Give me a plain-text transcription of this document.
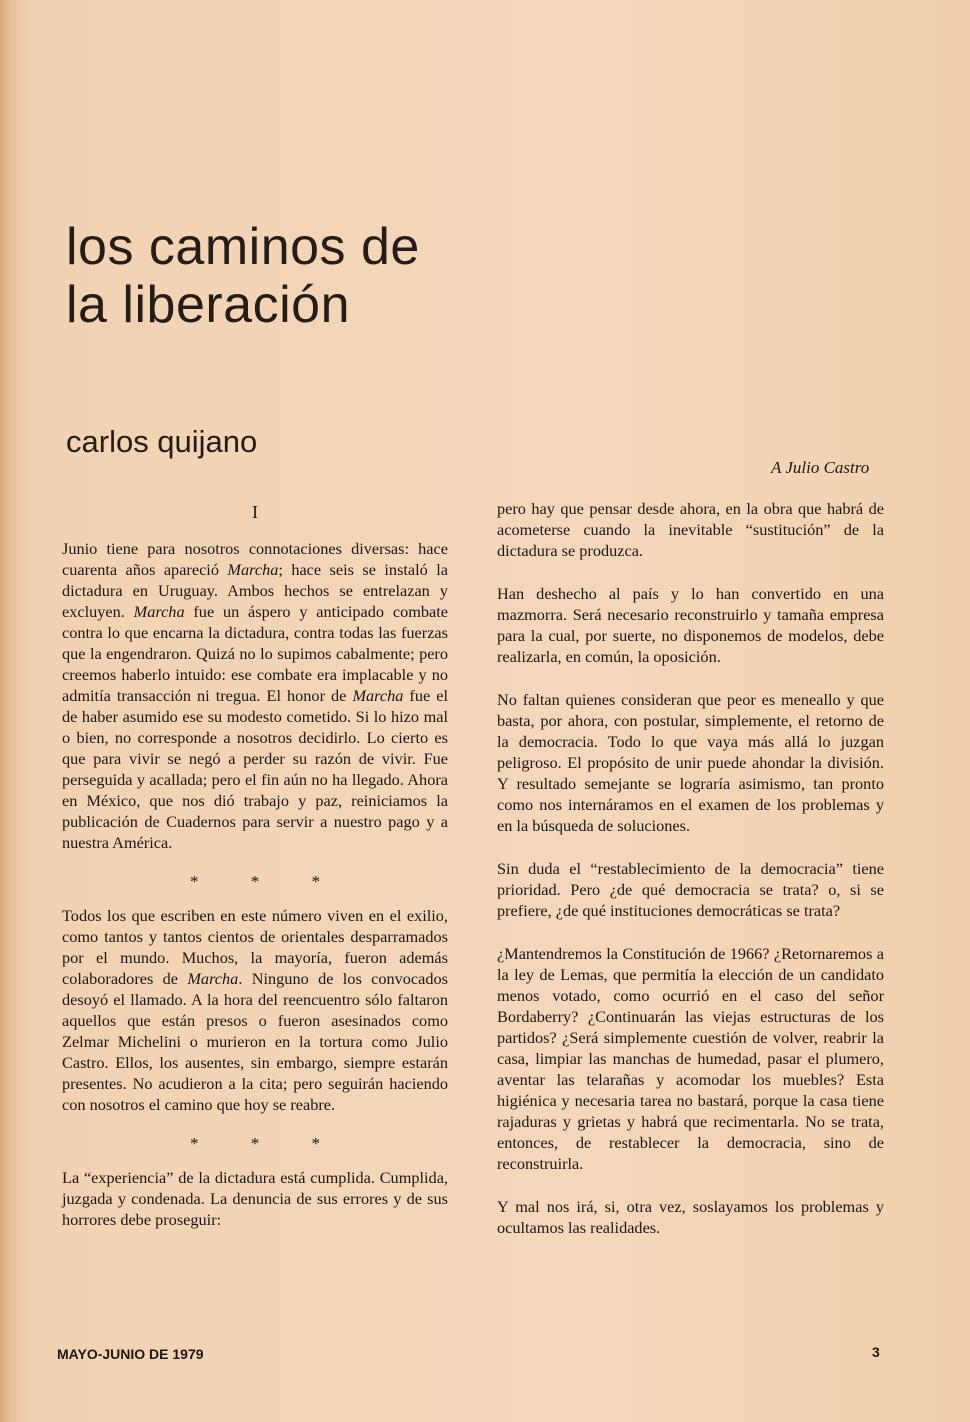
los caminos de
la liberación
carlos quijano
A Julio Castro
I

Junio tiene para nosotros connotaciones diversas: hace cuarenta años apareció Marcha; hace seis se instaló la dictadura en Uruguay. Ambos hechos se entrelazan y excluyen. Marcha fue un áspero y anticipado combate contra lo que encarna la dictadura, contra todas las fuerzas que la engendraron. Quizá no lo supimos cabalmente; pero creemos haberlo intuido: ese combate era implacable y no admitía transacción ni tregua. El honor de Marcha fue el de haber asumido ese su modesto cometido. Si lo hizo mal o bien, no corresponde a nosotros decidirlo. Lo cierto es que para vivir se negó a perder su razón de vivir. Fue perseguida y acallada; pero el fin aún no ha llegado. Ahora en México, que nos dió trabajo y paz, reiniciamos la publicación de Cuadernos para servir a nuestro pago y a nuestra América.

* * *

Todos los que escriben en este número viven en el exilio, como tantos y tantos cientos de orientales desparramados por el mundo. Muchos, la mayoría, fueron además colaboradores de Marcha. Ninguno de los convocados desoyó el llamado. A la hora del reencuentro sólo faltaron aquellos que están presos o fueron asesinados como Zelmar Michelini o murieron en la tortura como Julio Castro. Ellos, los ausentes, sin embargo, siempre estarán presentes. No acudieron a la cita; pero seguirán haciendo con nosotros el camino que hoy se reabre.

* * *

La “experiencia” de la dictadura está cumplida. Cumplida, juzgada y condenada. La denuncia de sus errores y de sus horrores debe proseguir:

pero hay que pensar desde ahora, en la obra que habrá de acometerse cuando la inevitable “sustitución” de la dictadura se produzca.

Han deshecho al país y lo han convertido en una mazmorra. Será necesario reconstruirlo y tamaña empresa para la cual, por suerte, no disponemos de modelos, debe realizarla, en común, la oposición.

No faltan quienes consideran que peor es meneallo y que basta, por ahora, con postular, simplemente, el retorno de la democracia. Todo lo que vaya más allá lo juzgan peligroso. El propósito de unir puede ahondar la división. Y resultado semejante se lograría asimismo, tan pronto como nos internáramos en el examen de los problemas y en la búsqueda de soluciones.

Sin duda el “restablecimiento de la democracia” tiene prioridad. Pero ¿de qué democracia se trata? o, si se prefiere, ¿de qué instituciones democráticas se trata?

¿Mantendremos la Constitución de 1966? ¿Retornaremos a la ley de Lemas, que permitía la elección de un candidato menos votado, como ocurrió en el caso del señor Bordaberry? ¿Continuarán las viejas estructuras de los partidos? ¿Será simplemente cuestión de volver, reabrir la casa, limpiar las manchas de humedad, pasar el plumero, aventar las telarañas y acomodar los muebles? Esta higiénica y necesaria tarea no bastará, porque la casa tiene rajaduras y grietas y habrá que recimentarla. No se trata, entonces, de restablecer la democracia, sino de reconstruirla.

Y mal nos irá, si, otra vez, soslayamos los problemas y ocultamos las realidades.

MAYO-JUNIO DE 1979	3
